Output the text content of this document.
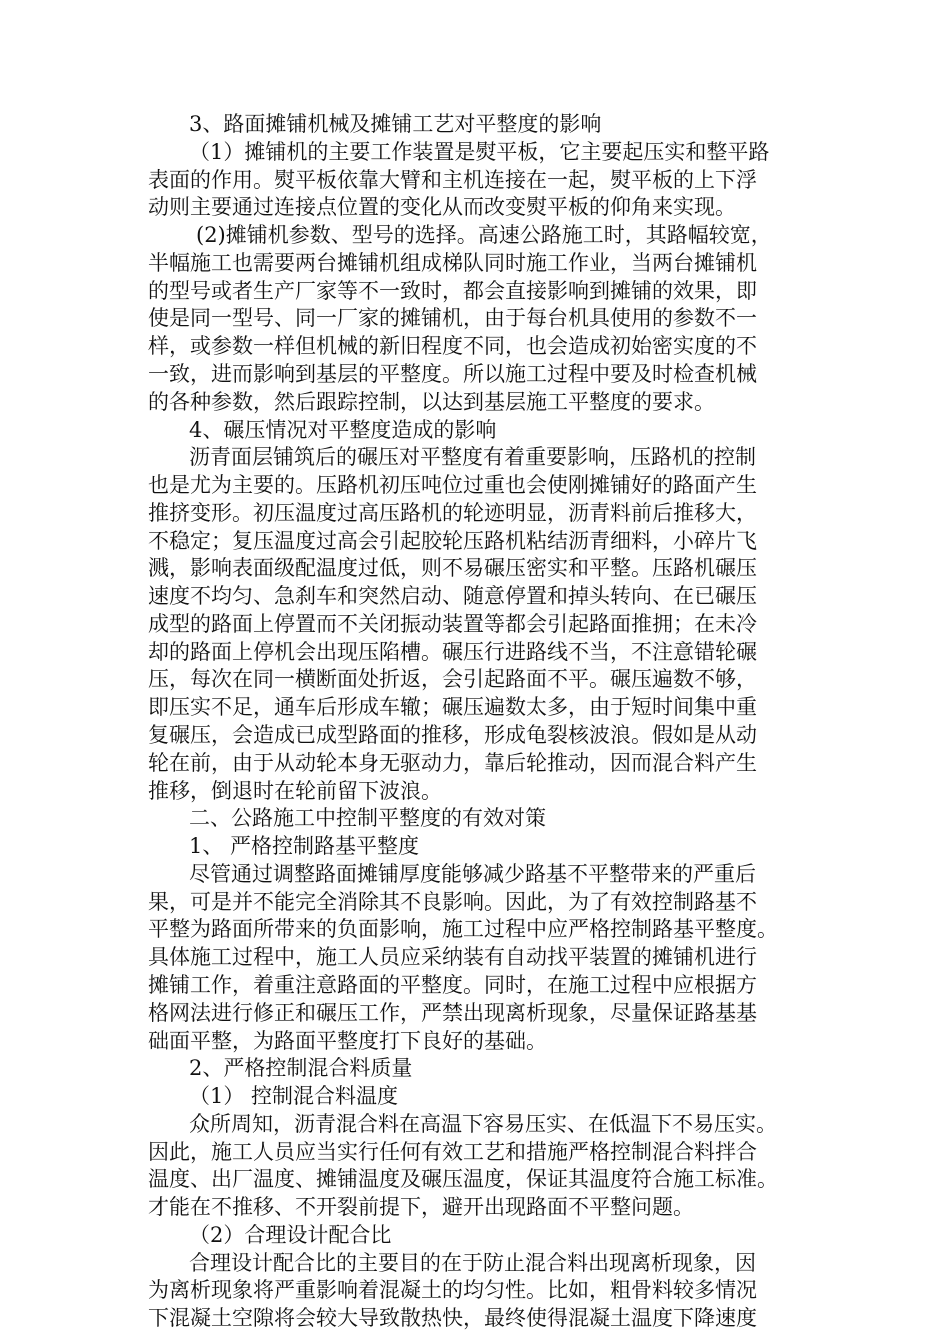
3、路面摊铺机械及摊铺工艺对平整度的影响
（1）摊铺机的主要工作装置是熨平板，它主要起压实和整平路
表面的作用。熨平板依靠大臂和主机连接在一起，熨平板的上下浮
动则主要通过连接点位置的变化从而改变熨平板的仰角来实现。
(2)摊铺机参数、型号的选择。高速公路施工时，其路幅较宽，
半幅施工也需要两台摊铺机组成梯队同时施工作业，当两台摊铺机
的型号或者生产厂家等不一致时，都会直接影响到摊铺的效果，即
使是同一型号、同一厂家的摊铺机，由于每台机具使用的参数不一
样，或参数一样但机械的新旧程度不同，也会造成初始密实度的不
一致，进而影响到基层的平整度。所以施工过程中要及时检查机械
的各种参数，然后跟踪控制，以达到基层施工平整度的要求。
4、碾压情况对平整度造成的影响
沥青面层铺筑后的碾压对平整度有着重要影响，压路机的控制
也是尤为主要的。压路机初压吨位过重也会使刚摊铺好的路面产生
推挤变形。初压温度过高压路机的轮迹明显，沥青料前后推移大，
不稳定；复压温度过高会引起胶轮压路机粘结沥青细料，小碎片飞
溅，影响表面级配温度过低，则不易碾压密实和平整。压路机碾压
速度不均匀、急刹车和突然启动、随意停置和掉头转向、在已碾压
成型的路面上停置而不关闭振动装置等都会引起路面推拥；在未冷
却的路面上停机会出现压陷槽。碾压行进路线不当，不注意错轮碾
压，每次在同一横断面处折返，会引起路面不平。碾压遍数不够，
即压实不足，通车后形成车辙；碾压遍数太多，由于短时间集中重
复碾压，会造成已成型路面的推移，形成龟裂核波浪。假如是从动
轮在前，由于从动轮本身无驱动力，靠后轮推动，因而混合料产生
推移，倒退时在轮前留下波浪。
二、公路施工中控制平整度的有效对策
1、 严格控制路基平整度
尽管通过调整路面摊铺厚度能够减少路基不平整带来的严重后
果，可是并不能完全消除其不良影响。因此，为了有效控制路基不
平整为路面所带来的负面影响，施工过程中应严格控制路基平整度。
具体施工过程中，施工人员应采纳装有自动找平装置的摊铺机进行
摊铺工作，着重注意路面的平整度。同时，在施工过程中应根据方
格网法进行修正和碾压工作，严禁出现离析现象，尽量保证路基基
础面平整，为路面平整度打下良好的基础。
2、严格控制混合料质量
（1） 控制混合料温度
众所周知，沥青混合料在高温下容易压实、在低温下不易压实。
因此，施工人员应当实行任何有效工艺和措施严格控制混合料拌合
温度、出厂温度、摊铺温度及碾压温度，保证其温度符合施工标准。
才能在不推移、不开裂前提下，避开出现路面不平整问题。
（2）合理设计配合比
合理设计配合比的主要目的在于防止混合料出现离析现象，因
为离析现象将严重影响着混凝土的均匀性。比如，粗骨料较多情况
下混凝土空隙将会较大导致散热快，最终使得混凝土温度下降速度
